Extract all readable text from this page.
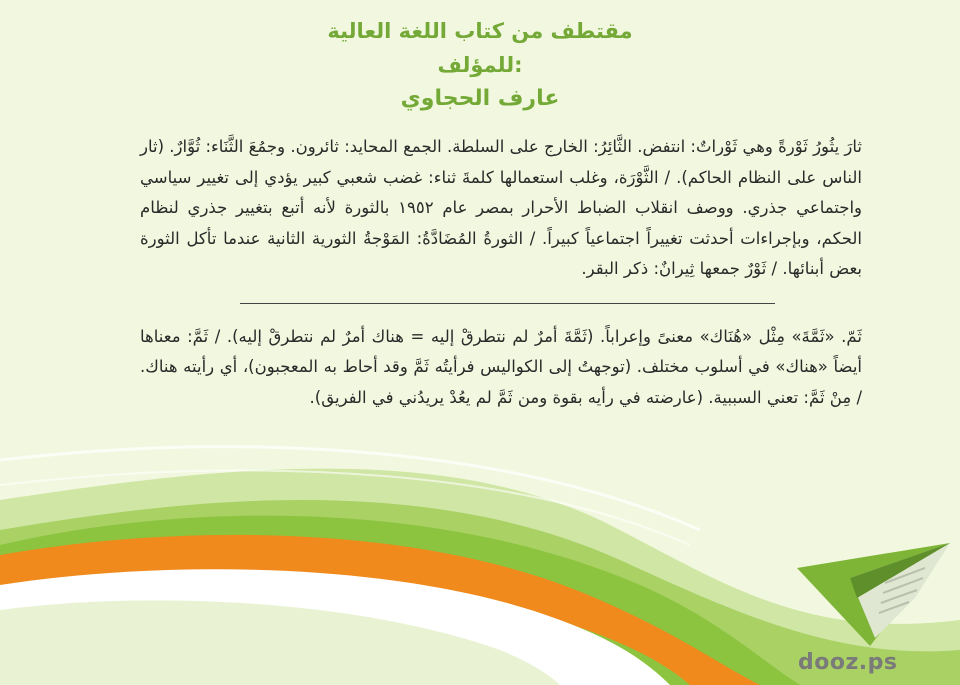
مقتطف من كتاب اللغة العالية
للمؤلف:
عارف الحجاوي

ثارَ يثُورُ ثَوْرةً وهي ثَوْراتٌ: انتفض. الثَّائِرُ: الخارج على السلطة. الجمع المحايد: ثائرون. وجمُعَ الثَّنَاء: ثُوَّارٌ. (ثار الناس على النظام الحاكم). / الثَّوْرَة، وغلب استعمالها كلمةَ ثناء: غضب شعبي كبير يؤدي إلى تغيير سياسي واجتماعي جذري. ووصف انقلاب الضباط الأحرار بمصر عام ١٩٥٢ بالثورة لأنه أتبع بتغيير جذري لنظام الحكم، وبإجراءات أحدثت تغييراً اجتماعياً كبيراً. / الثورةُ المُضَادَّةُ: المَوْجةُ الثورية الثانية عندما تأكل الثورة بعض أبنائها. / ثَوْرٌ جمعها ثِيرانٌ: ذكر البقر.

ثَمّ. «ثَمَّةَ» مِثْل «هُنَاك» معنىً وإعراباً. (ثَمَّةَ أمرٌ لم نتطرقْ إليه = هناك أمرٌ لم نتطرقْ إليه). / ثَمَّ: معناها أيضاً «هناك» في أسلوب مختلف. (توجهتُ إلى الكواليس فرأيتُه ثَمَّ وقد أحاط به المعجبون)، أي رأيته هناك. / مِنْ ثَمَّ: تعني السببية. (عارضته في رأيه بقوة ومن ثَمَّ لم يعُدْ يريدُني في الفريق).

dooz.ps
